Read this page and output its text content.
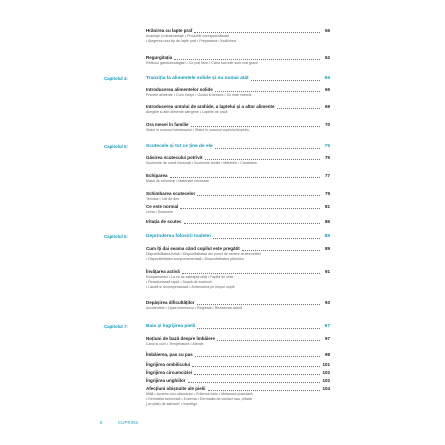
Hrănirea cu lapte praf	56
Avantaje și dezavantaje • Proviziile corespunzătoare
• Alegerea unui tip de lapte praf • Prepararea • Încălzirea
Regurgitația	62
Refluxul gastroesofagian • Ce poți face • Când lucrurile sunt mai grave
Capitolul 4:	Tranziția la alimentele solide și nu numai atât	65
Introducerea alimentelor solide	65
Primele alimente • Cum începi • Gustul și textura • Ce este interzis
Introducerea untului de arahide, a laptelui și a altor alimente	69
Alergiile și alte alimente alergene • Laptele de vacă
Ora mesei în familie	70
Statul în scaunul bebelușului • Statul în scaunul copilului timpuriu
Capitolul 5:	Scutecele și tot ce ține de ele	75
Găsirea scutecului potrivit	75
Scutecele de unică folosință • Scutecele textile • Mărimile • Cantitatea
Echiparea	77
Masa de schimbat • Materiale necesare
Schimbarea scutecelor	79
Tehnica • Cât de des
Ce este normal	81
Urina • Scaunele
Iritația de scutec	86
Capitolul 6:	Deprinderea folosirii toaletei	89
Cum îți dai seama când copilul este pregătit	89
Disponibilitatea fizică • Disponibilitatea din punct de vedere al dezvoltării
• Disponibilitatea comportamentală • Disponibilitatea părinților
Învățarea activă	91
Echipamentul • La ce se așteaptă oliță • Faptul de olită
• Reacționează rapid • Scapă de scutecei
• Laudă și recompensează • Antrenarea pe timpul nopții
Depășirea dificultăților	93
Accidentele • Lipsa interesului • Regresia • Rezistența activă
Capitolul 7:	Baia și îngrijirea pielii	97
Noțiuni de bază despre îmbăiere	97
Când și cum • Temperatura • Atenție
Îmbăierea, pas cu pas	98
Îngrijirea ombilicului	101
Îngrijirea circumciziei	102
Îngrijirea unghiilor	102
Afecțiuni obișnuite ale pielii	104
Miliă • Acneea nou-născutului • Eritemul toxic • Melanoza pustulară
• Dermatita seboreică • Eczema • Dermatita de contact sau „iritația
(„eruptia) de salivare” • Impetigo
8	CUPRINS
